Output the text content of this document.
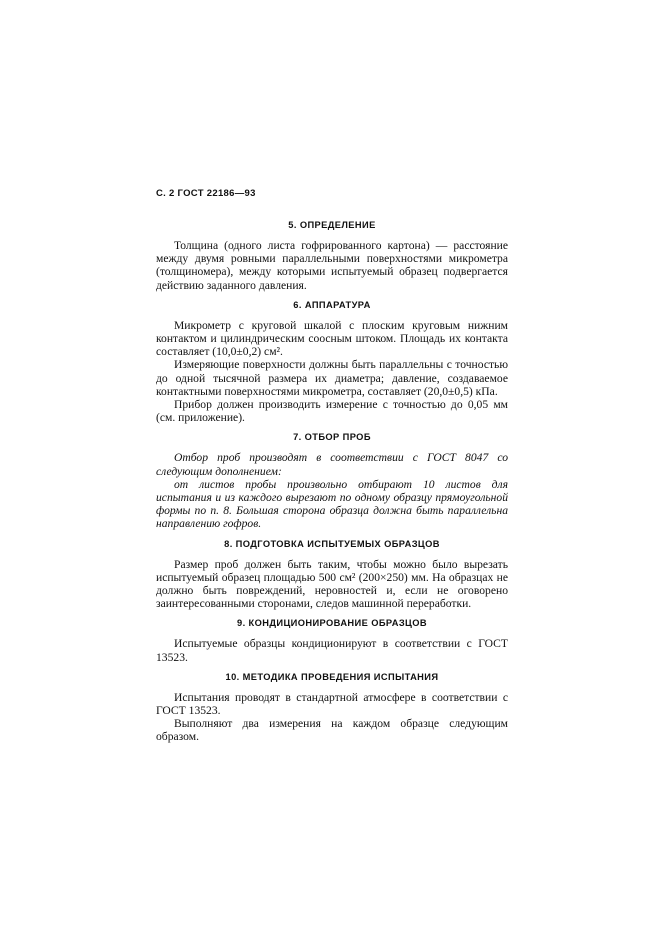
С. 2 ГОСТ 22186—93
5. ОПРЕДЕЛЕНИЕ

Толщина (одного листа гофрированного картона) — расстояние между двумя ровными параллельными поверхностями микрометра (толщиномера), между которыми испытуемый образец подвергается действию заданного давления.

6. АППАРАТУРА

Микрометр с круговой шкалой с плоским круговым нижним контактом и цилиндрическим соосным штоком. Площадь их контакта составляет (10,0±0,2) см².

Измеряющие поверхности должны быть параллельны с точностью до одной тысячной размера их диаметра; давление, создаваемое контактными поверхностями микрометра, составляет (20,0±0,5) кПа.

Прибор должен производить измерение с точностью до 0,05 мм (см. приложение).

7. ОТБОР ПРОБ

Отбор проб производят в соответствии с ГОСТ 8047 со следующим дополнением:

от листов пробы произвольно отбирают 10 листов для испытания и из каждого вырезают по одному образцу прямоугольной формы по п. 8. Большая сторона образца должна быть параллельна направлению гофров.

8. ПОДГОТОВКА ИСПЫТУЕМЫХ ОБРАЗЦОВ

Размер проб должен быть таким, чтобы можно было вырезать испытуемый образец площадью 500 см² (200×250) мм. На образцах не должно быть повреждений, неровностей и, если не оговорено заинтересованными сторонами, следов машинной переработки.

9. КОНДИЦИОНИРОВАНИЕ ОБРАЗЦОВ

Испытуемые образцы кондиционируют в соответствии с ГОСТ 13523.

10. МЕТОДИКА ПРОВЕДЕНИЯ ИСПЫТАНИЯ

Испытания проводят в стандартной атмосфере в соответствии с ГОСТ 13523.

Выполняют два измерения на каждом образце следующим образом.
